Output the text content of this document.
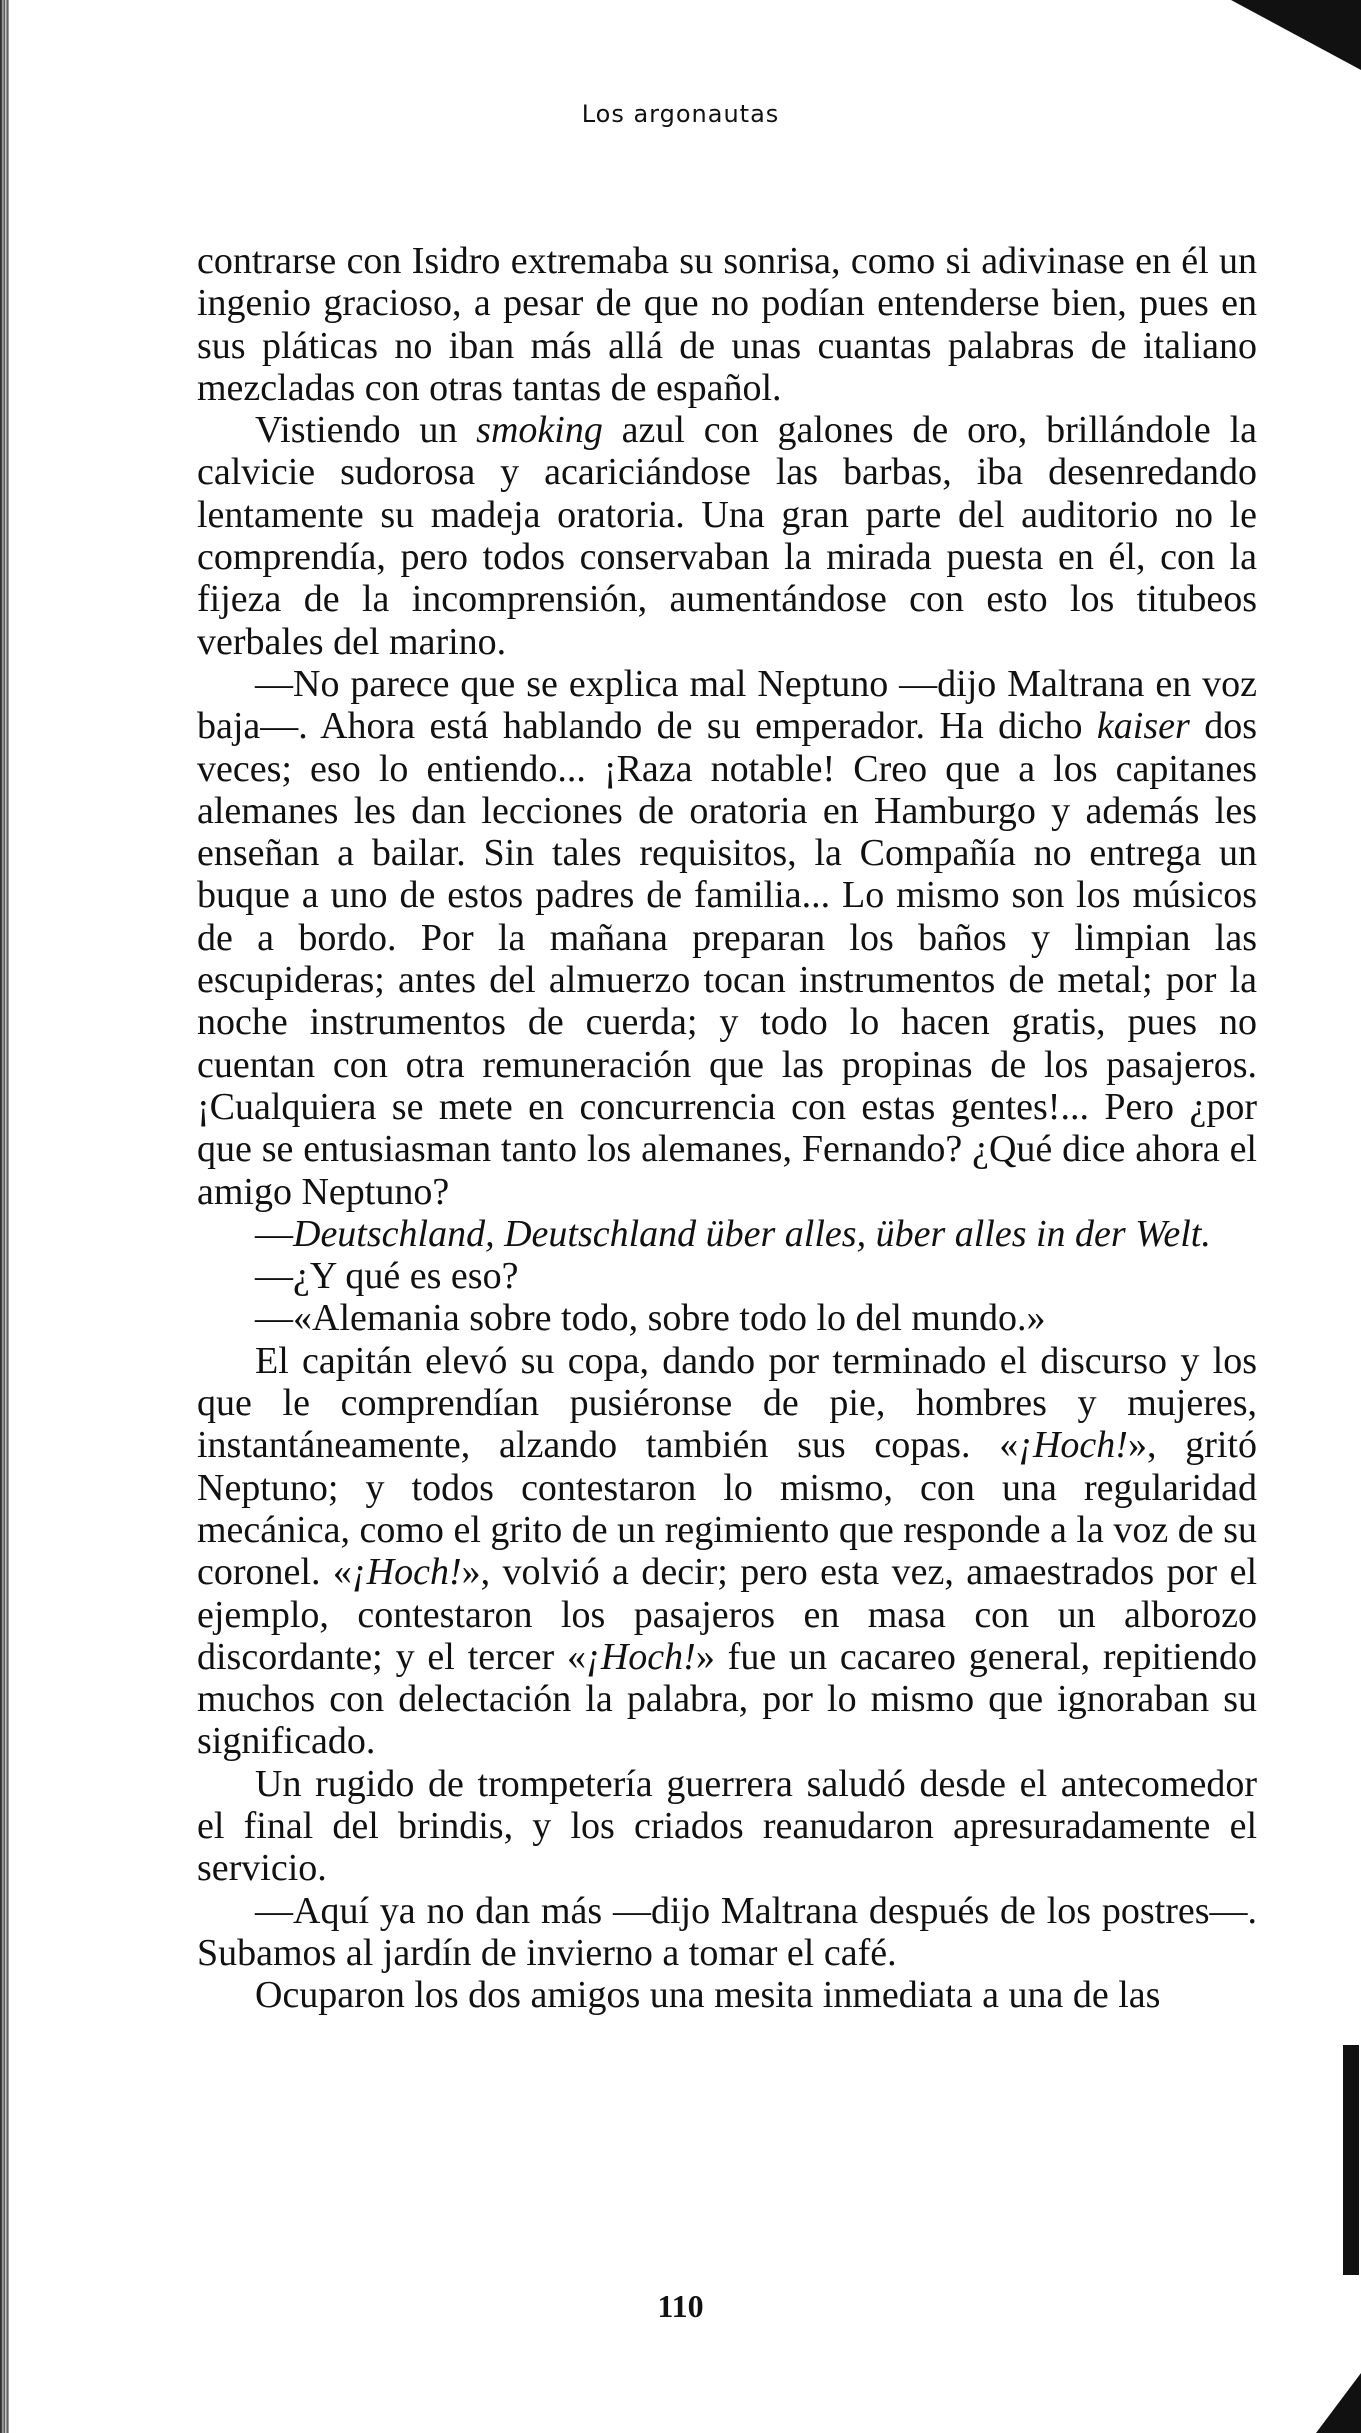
Los argonautas

contrarse con Isidro extremaba su sonrisa, como si adivinase en él un ingenio gracioso, a pesar de que no podían entenderse bien, pues en sus pláticas no iban más allá de unas cuantas palabras de italiano mezcladas con otras tantas de español.

Vistiendo un smoking azul con galones de oro, brillándole la calvicie sudorosa y acariciándose las barbas, iba desenredando lentamente su madeja oratoria. Una gran parte del auditorio no le comprendía, pero todos conservaban la mirada puesta en él, con la fijeza de la incomprensión, aumentándose con esto los titubeos verbales del marino.

—No parece que se explica mal Neptuno —dijo Maltrana en voz baja—. Ahora está hablando de su emperador. Ha dicho kaiser dos veces; eso lo entiendo... ¡Raza notable! Creo que a los capitanes alemanes les dan lecciones de oratoria en Hamburgo y además les enseñan a bailar. Sin tales requisitos, la Compañía no entrega un buque a uno de estos padres de familia... Lo mismo son los músicos de a bordo. Por la mañana preparan los baños y limpian las escupideras; antes del almuerzo tocan instrumentos de metal; por la noche instrumentos de cuerda; y todo lo hacen gratis, pues no cuentan con otra remuneración que las propinas de los pasajeros. ¡Cualquiera se mete en concurrencia con estas gentes!... Pero ¿por que se entusiasman tanto los alemanes, Fernando? ¿Qué dice ahora el amigo Neptuno?

—Deutschland, Deutschland über alles, über alles in der Welt.

—¿Y qué es eso?

—«Alemania sobre todo, sobre todo lo del mundo.»

El capitán elevó su copa, dando por terminado el discurso y los que le comprendían pusiéronse de pie, hombres y mujeres, instantáneamente, alzando también sus copas. «¡Hoch!», gritó Neptuno; y todos contestaron lo mismo, con una regularidad mecánica, como el grito de un regimiento que responde a la voz de su coronel. «¡Hoch!», volvió a decir; pero esta vez, amaestrados por el ejemplo, contestaron los pasajeros en masa con un alborozo discordante; y el tercer «¡Hoch!» fue un cacareo general, repitiendo muchos con delectación la palabra, por lo mismo que ignoraban su significado.

Un rugido de trompetería guerrera saludó desde el antecomedor el final del brindis, y los criados reanudaron apresuradamente el servicio.

—Aquí ya no dan más —dijo Maltrana después de los postres—. Subamos al jardín de invierno a tomar el café.

Ocuparon los dos amigos una mesita inmediata a una de las

110
